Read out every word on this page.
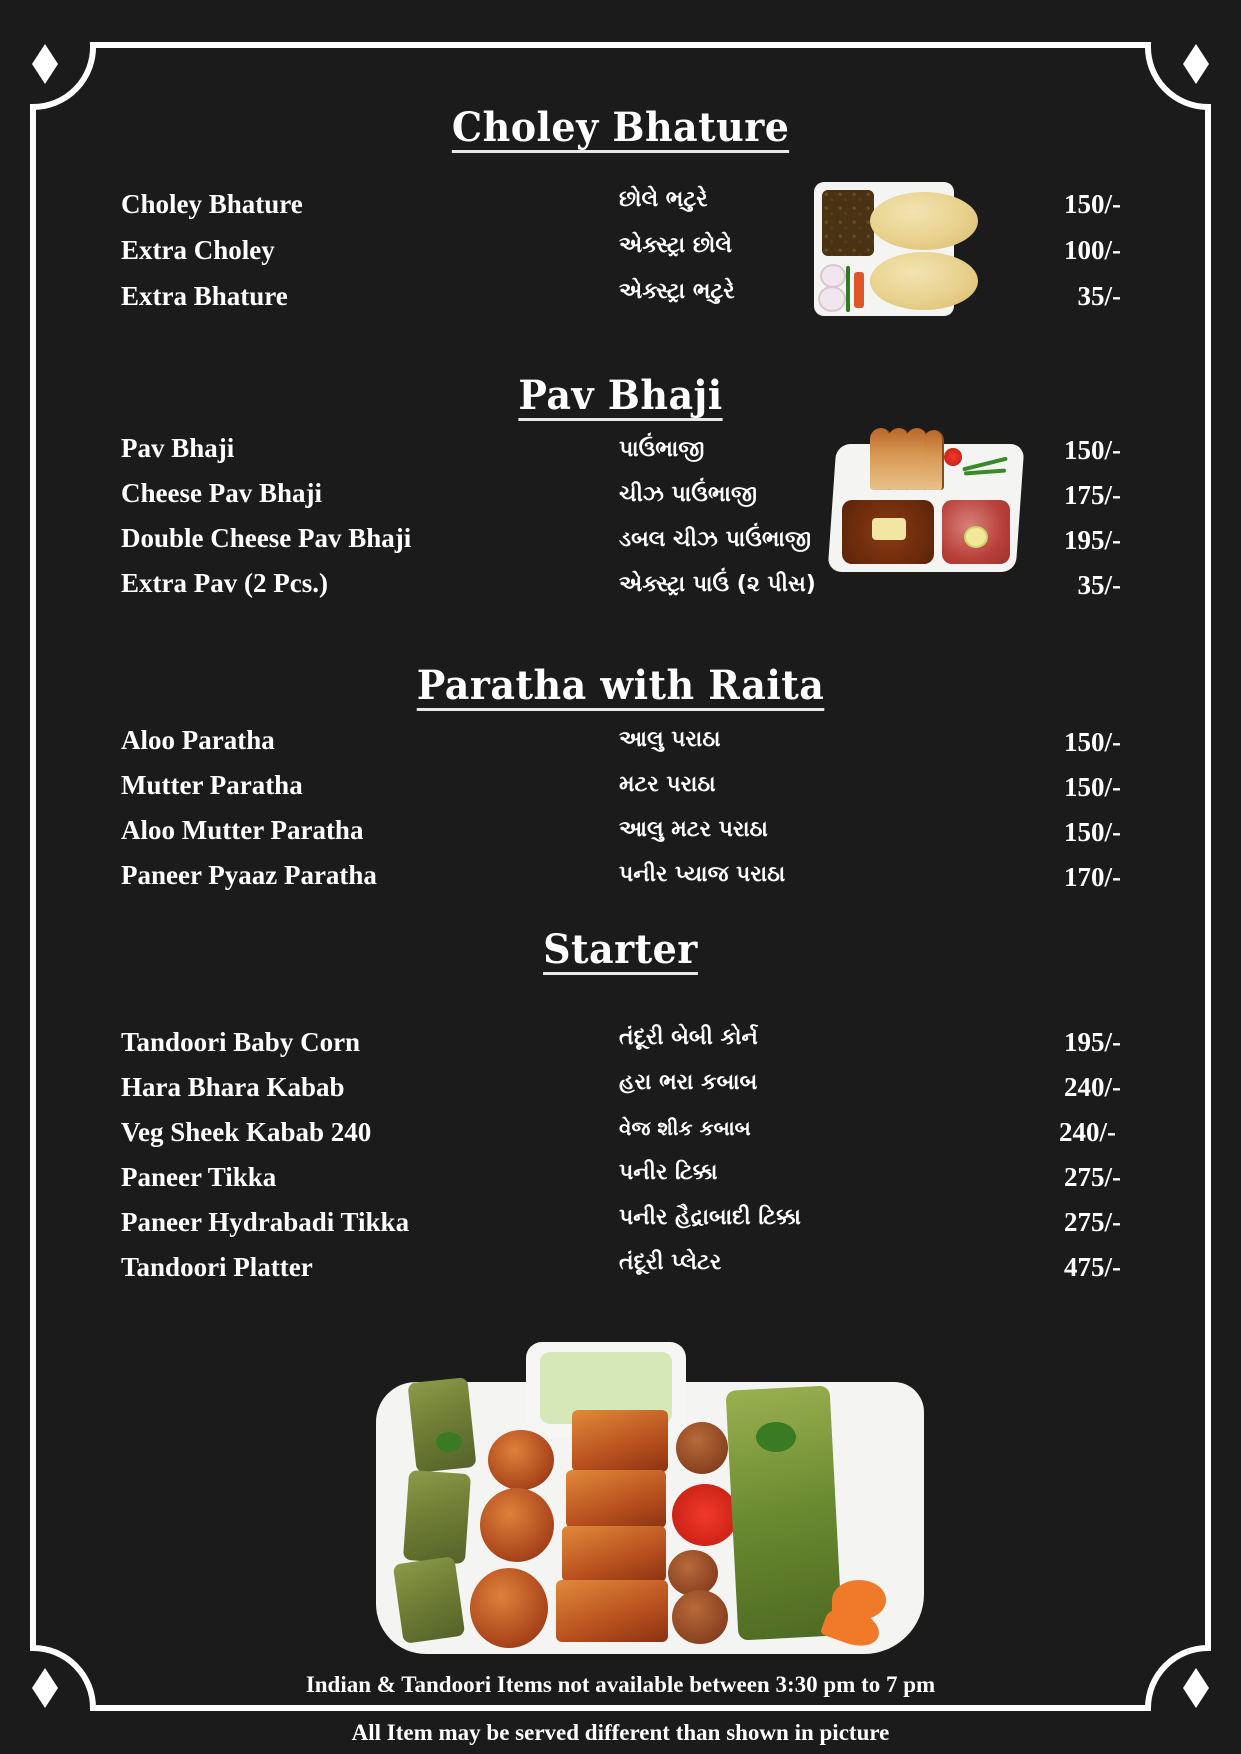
Choley Bhature
Choley Bhature	છોલે ભટુરે	150/-
Extra Choley	એક્સ્ટ્રા છોલે	100/-
Extra Bhature	એક્સ્ટ્રા ભટુરે	35/-
Pav Bhaji
Pav Bhaji	પાઉંભાજી	150/-
Cheese Pav Bhaji	ચીઝ પાઉંભાજી	175/-
Double Cheese Pav Bhaji	ડબલ ચીઝ પાઉંભાજી	195/-
Extra Pav (2 Pcs.)	એક્સ્ટ્રા પાઉં (૨ પીસ)	35/-
Paratha with Raita
Aloo Paratha	આલુ પરાઠા	150/-
Mutter Paratha	મટર પરાઠા	150/-
Aloo Mutter Paratha	આલુ મટર પરાઠા	150/-
Paneer Pyaaz Paratha	પનીર પ્યાજ પરાઠા	170/-
Starter
Tandoori Baby Corn	તંદૂરી બેબી કોર્ન	195/-
Hara Bhara Kabab	હરા ભરા કબાબ	240/-
Veg Sheek Kabab 240	વેજ શીક કબાબ	240/-
Paneer Tikka	પનીર ટિક્કા	275/-
Paneer Hydrabadi Tikka	પનીર હૈદ્રાબાદી ટિક્કા	275/-
Tandoori Platter	તંદૂરી પ્લેટર	475/-
Indian & Tandoori Items not available between 3:30 pm to 7 pm
All Item may be served different than shown in picture
